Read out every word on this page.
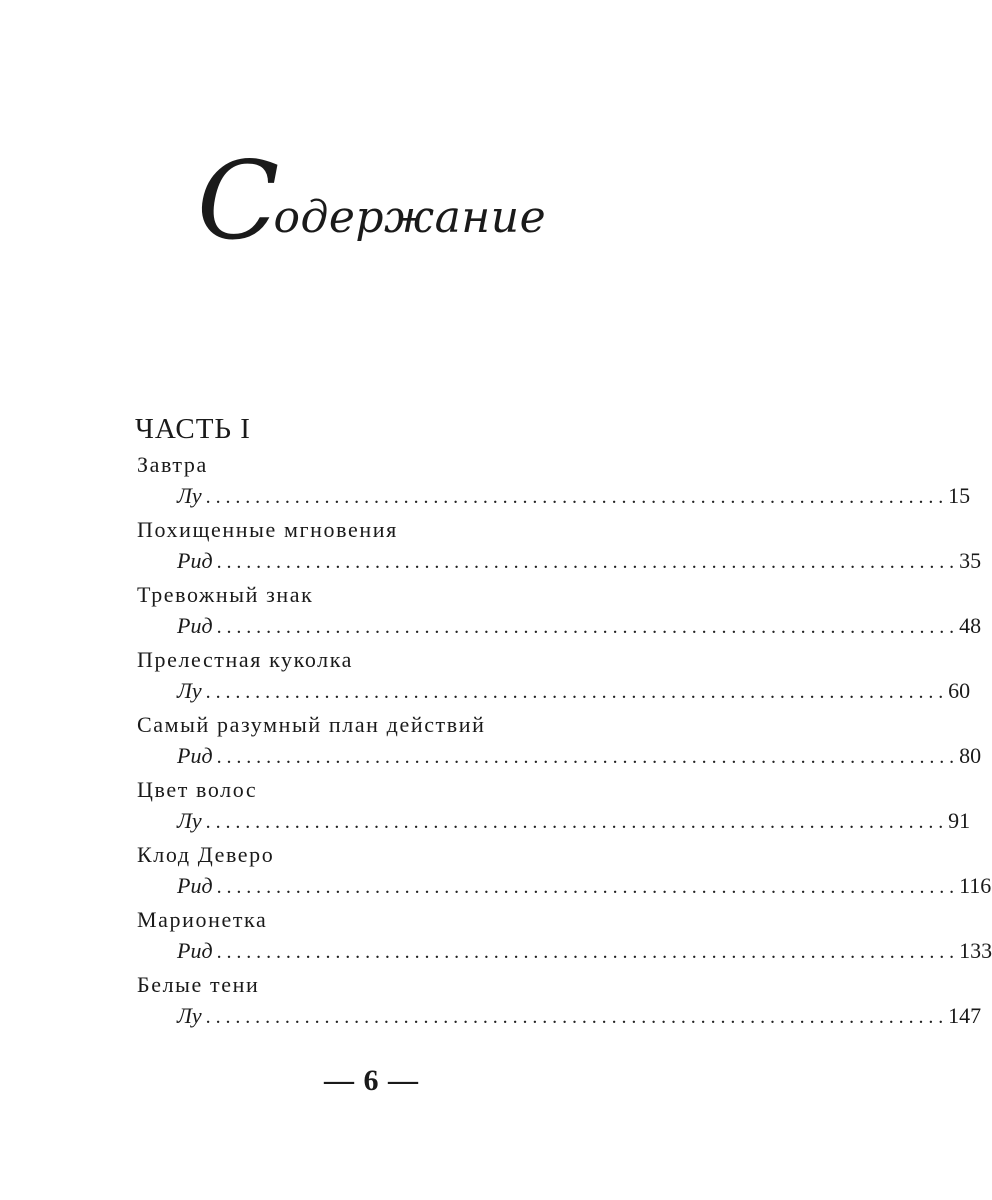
Содержание
ЧАСТЬ I
Завтра
Лу ........................................................................... 15
Похищенные мгновения
Рид ........................................................................... 35
Тревожный знак
Рид ........................................................................... 48
Прелестная куколка
Лу ........................................................................... 60
Самый разумный план действий
Рид ........................................................................... 80
Цвет волос
Лу ........................................................................... 91
Клод Деверо
Рид ........................................................................... 116
Марионетка
Рид ........................................................................... 133
Белые тени
Лу ........................................................................... 147
— 6 —
